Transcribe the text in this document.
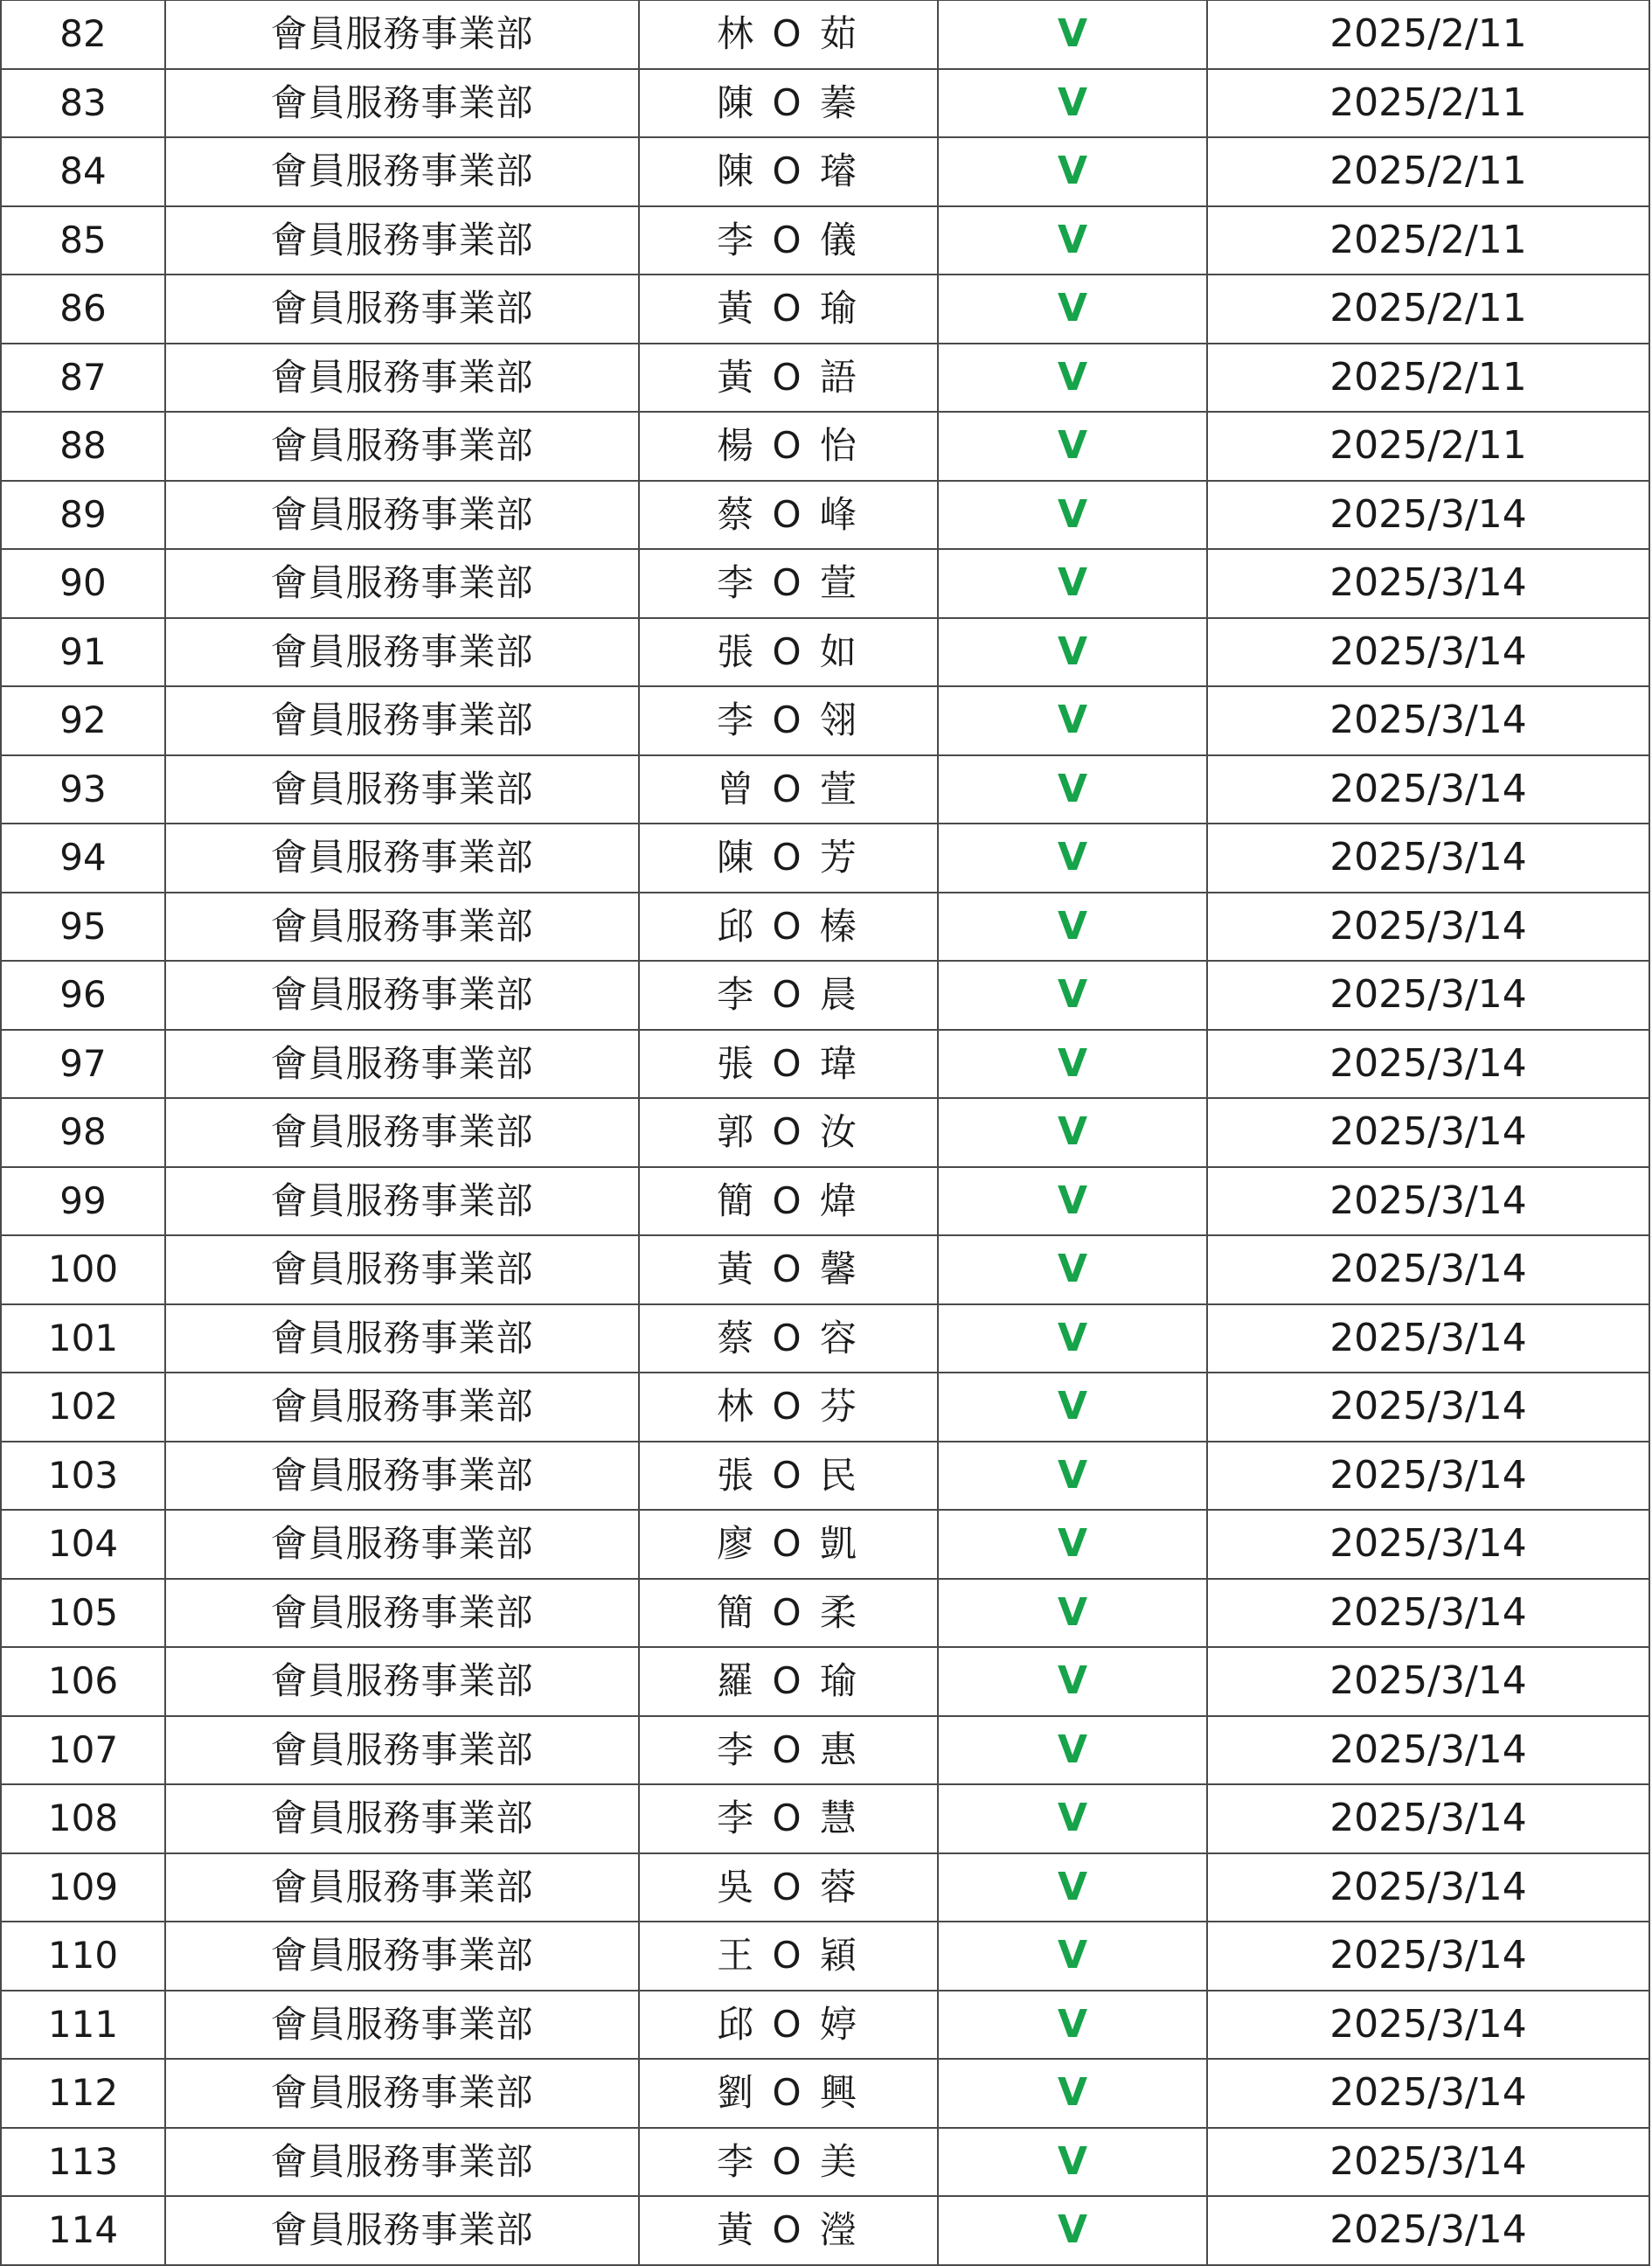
82	會員服務事業部	林 O 茹	V	2025/2/11
83	會員服務事業部	陳 O 蓁	V	2025/2/11
84	會員服務事業部	陳 O 璿	V	2025/2/11
85	會員服務事業部	李 O 儀	V	2025/2/11
86	會員服務事業部	黃 O 瑜	V	2025/2/11
87	會員服務事業部	黃 O 語	V	2025/2/11
88	會員服務事業部	楊 O 怡	V	2025/2/11
89	會員服務事業部	蔡 O 峰	V	2025/3/14
90	會員服務事業部	李 O 萱	V	2025/3/14
91	會員服務事業部	張 O 如	V	2025/3/14
92	會員服務事業部	李 O 翎	V	2025/3/14
93	會員服務事業部	曾 O 萱	V	2025/3/14
94	會員服務事業部	陳 O 芳	V	2025/3/14
95	會員服務事業部	邱 O 榛	V	2025/3/14
96	會員服務事業部	李 O 晨	V	2025/3/14
97	會員服務事業部	張 O 瑋	V	2025/3/14
98	會員服務事業部	郭 O 汝	V	2025/3/14
99	會員服務事業部	簡 O 煒	V	2025/3/14
100	會員服務事業部	黃 O 馨	V	2025/3/14
101	會員服務事業部	蔡 O 容	V	2025/3/14
102	會員服務事業部	林 O 芬	V	2025/3/14
103	會員服務事業部	張 O 民	V	2025/3/14
104	會員服務事業部	廖 O 凱	V	2025/3/14
105	會員服務事業部	簡 O 柔	V	2025/3/14
106	會員服務事業部	羅 O 瑜	V	2025/3/14
107	會員服務事業部	李 O 惠	V	2025/3/14
108	會員服務事業部	李 O 慧	V	2025/3/14
109	會員服務事業部	吳 O 蓉	V	2025/3/14
110	會員服務事業部	王 O 穎	V	2025/3/14
111	會員服務事業部	邱 O 婷	V	2025/3/14
112	會員服務事業部	劉 O 興	V	2025/3/14
113	會員服務事業部	李 O 美	V	2025/3/14
114	會員服務事業部	黃 O 瀅	V	2025/3/14
